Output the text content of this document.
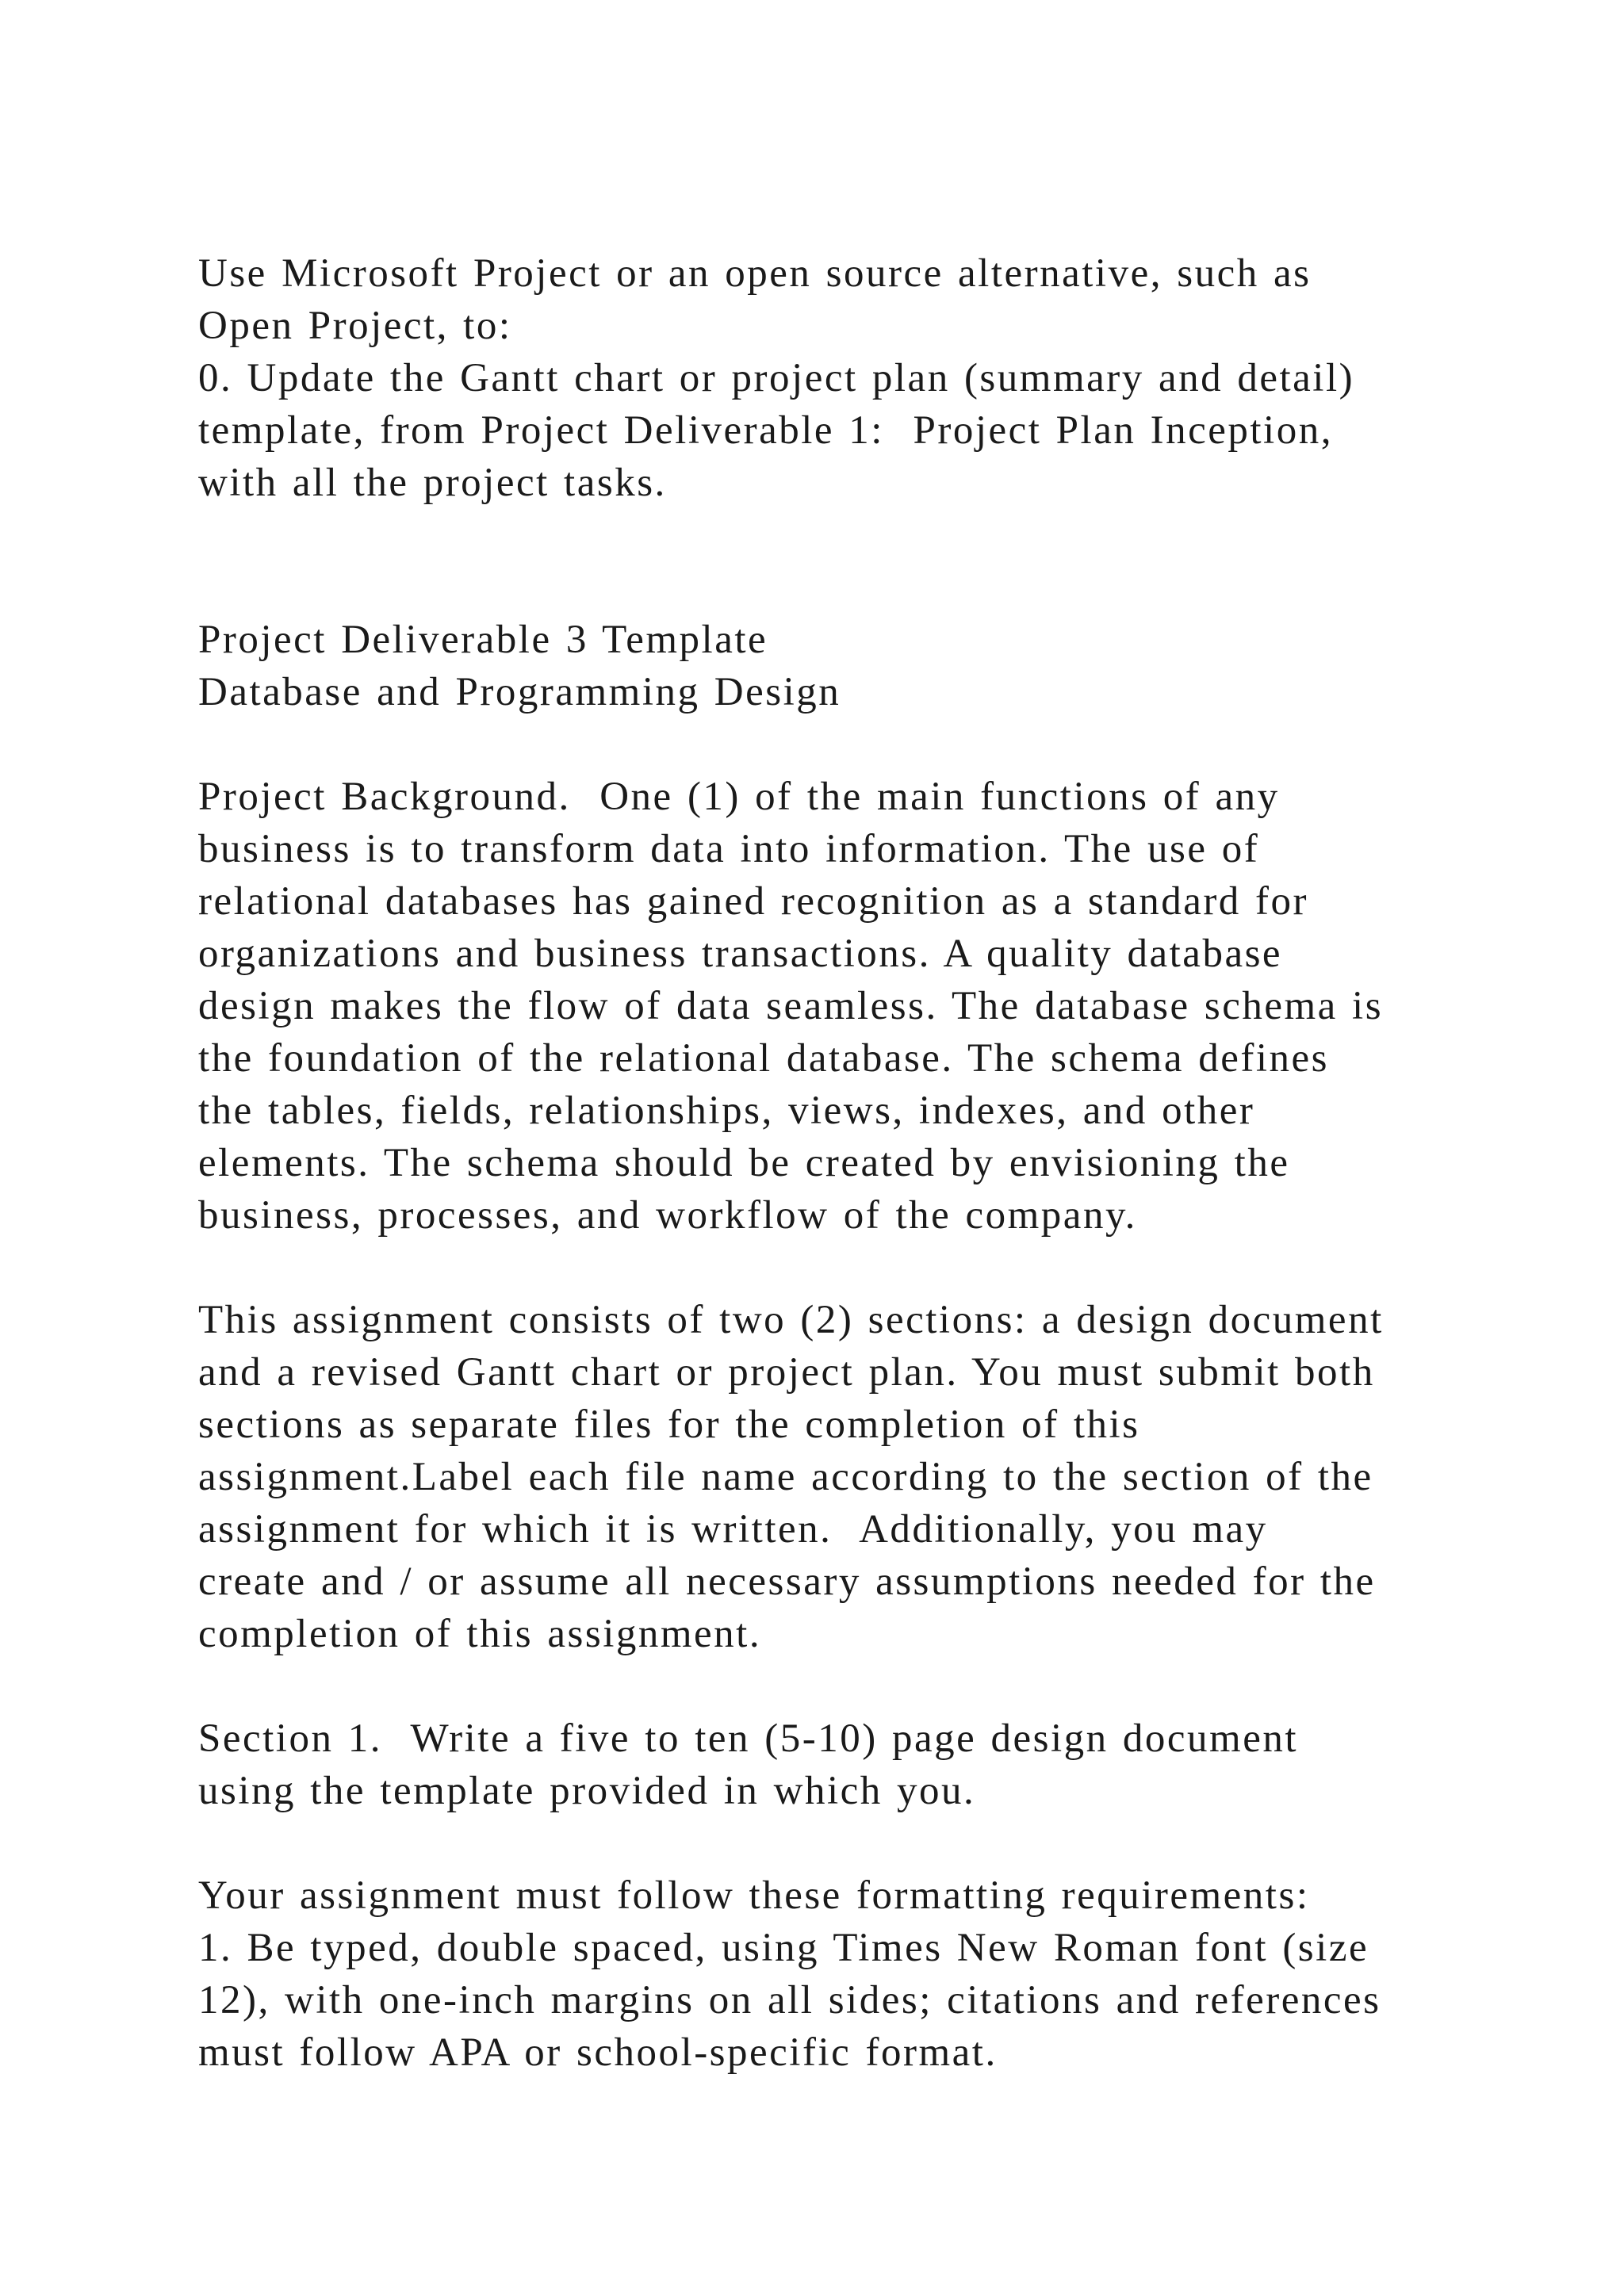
Use Microsoft Project or an open source alternative, such as
Open Project, to:
0. Update the Gantt chart or project plan (summary and detail)
template, from Project Deliverable 1:  Project Plan Inception,
with all the project tasks.
Project Deliverable 3 Template
Database and Programming Design
Project Background.  One (1) of the main functions of any
business is to transform data into information. The use of
relational databases has gained recognition as a standard for
organizations and business transactions. A quality database
design makes the flow of data seamless. The database schema is
the foundation of the relational database. The schema defines
the tables, fields, relationships, views, indexes, and other
elements. The schema should be created by envisioning the
business, processes, and workflow of the company.
This assignment consists of two (2) sections: a design document
and a revised Gantt chart or project plan. You must submit both
sections as separate files for the completion of this
assignment.Label each file name according to the section of the
assignment for which it is written.  Additionally, you may
create and / or assume all necessary assumptions needed for the
completion of this assignment.
Section 1.  Write a five to ten (5-10) page design document
using the template provided in which you.
Your assignment must follow these formatting requirements:
1. Be typed, double spaced, using Times New Roman font (size
12), with one-inch margins on all sides; citations and references
must follow APA or school-specific format.
